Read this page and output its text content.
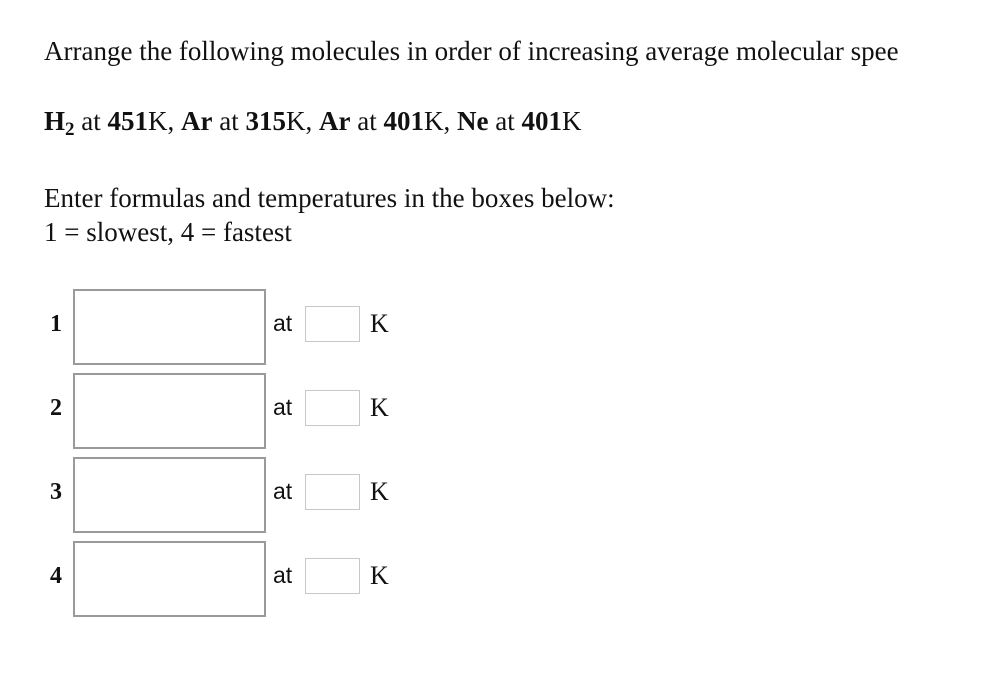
Arrange the following molecules in order of increasing average molecular spee
$H_2$ at 451K, Ar at 315K, Ar at 401K, Ne at 401K
Enter formulas and temperatures in the boxes below:
1 = slowest, 4 = fastest
1	at	K
2	at	K
3	at	K
4	at	K
